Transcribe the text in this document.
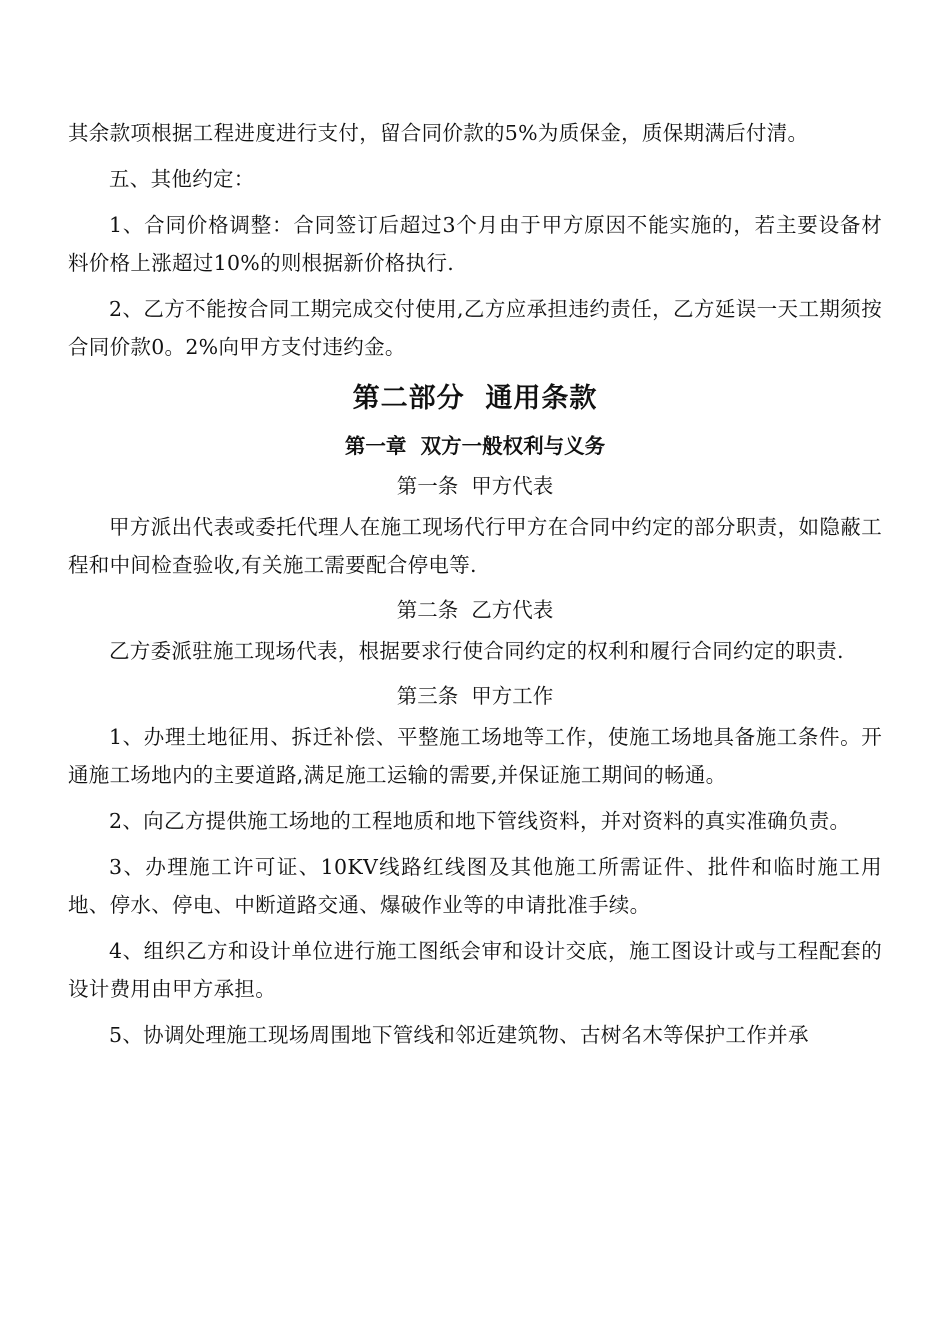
其余款项根据工程进度进行支付，留合同价款的5%为质保金，质保期满后付清。

五、其他约定：

1、合同价格调整：合同签订后超过3个月由于甲方原因不能实施的，若主要设备材料价格上涨超过10%的则根据新价格执行.

2、乙方不能按合同工期完成交付使用,乙方应承担违约责任，乙方延误一天工期须按合同价款0。2%向甲方支付违约金。

第二部分  通用条款
第一章  双方一般权利与义务
第一条  甲方代表

甲方派出代表或委托代理人在施工现场代行甲方在合同中约定的部分职责，如隐蔽工程和中间检查验收,有关施工需要配合停电等.

第二条  乙方代表

乙方委派驻施工现场代表，根据要求行使合同约定的权利和履行合同约定的职责.

第三条  甲方工作

1、办理土地征用、拆迁补偿、平整施工场地等工作，使施工场地具备施工条件。开通施工场地内的主要道路,满足施工运输的需要,并保证施工期间的畅通。

2、向乙方提供施工场地的工程地质和地下管线资料，并对资料的真实准确负责。

3、办理施工许可证、10KV线路红线图及其他施工所需证件、批件和临时施工用地、停水、停电、中断道路交通、爆破作业等的申请批准手续。

4、组织乙方和设计单位进行施工图纸会审和设计交底，施工图设计或与工程配套的设计费用由甲方承担。

5、协调处理施工现场周围地下管线和邻近建筑物、古树名木等保护工作并承
